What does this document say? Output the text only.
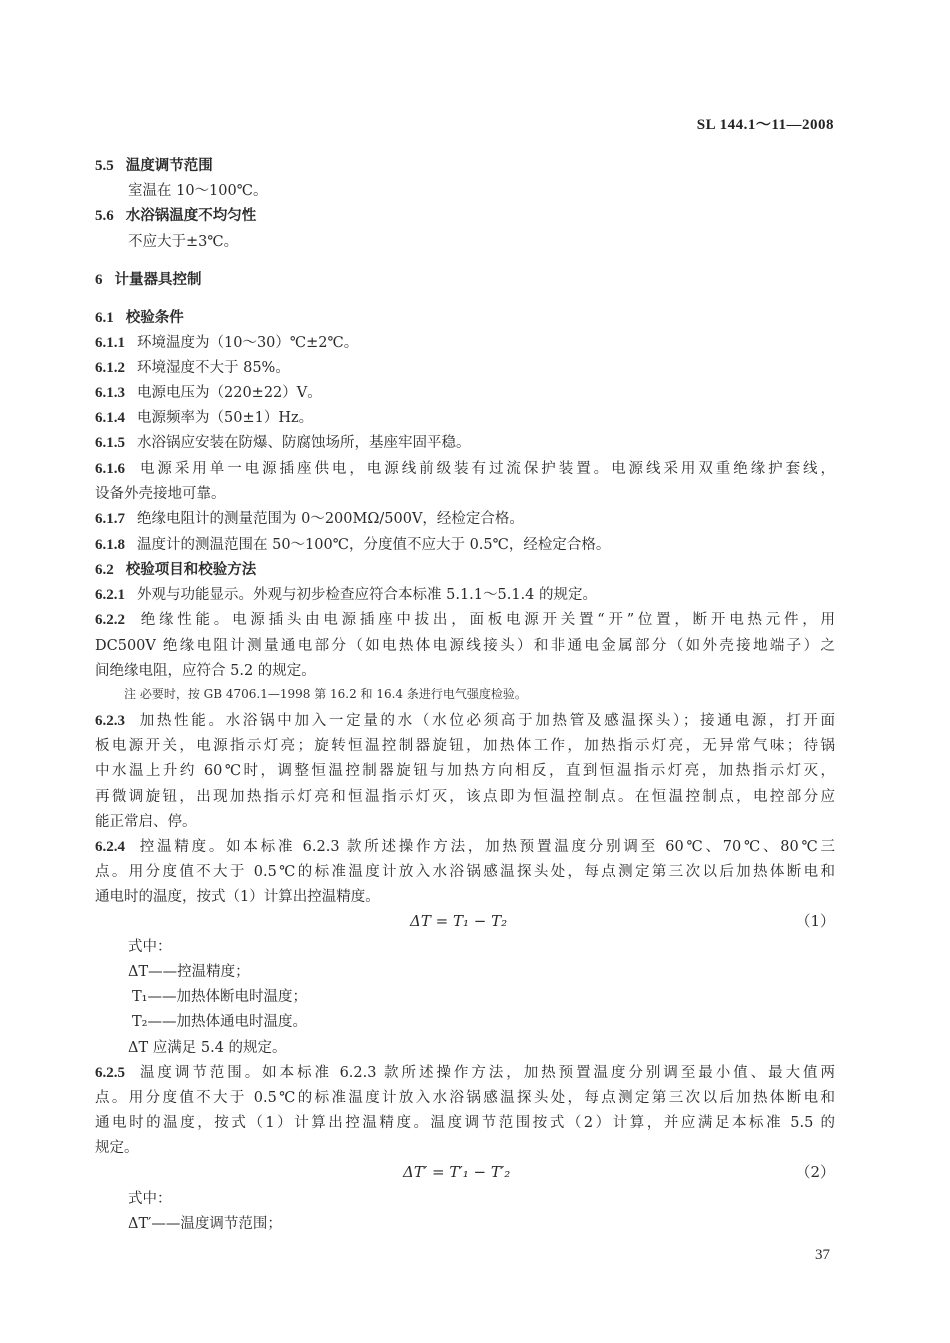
SL 144.1～11—2008
5.5 温度调节范围
室温在 10～100℃。
5.6 水浴锅温度不均匀性
不应大于±3℃。
6 计量器具控制
6.1 校验条件
6.1.1 环境温度为（10～30）℃±2℃。
6.1.2 环境湿度不大于 85%。
6.1.3 电源电压为（220±22）V。
6.1.4 电源频率为（50±1）Hz。
6.1.5 水浴锅应安装在防爆、防腐蚀场所，基座牢固平稳。
6.1.6 电源采用单一电源插座供电，电源线前级装有过流保护装置。电源线采用双重绝缘护套线，
设备外壳接地可靠。
6.1.7 绝缘电阻计的测量范围为 0～200MΩ/500V，经检定合格。
6.1.8 温度计的测温范围在 50～100℃，分度值不应大于 0.5℃，经检定合格。
6.2 校验项目和校验方法
6.2.1 外观与功能显示。外观与初步检查应符合本标准 5.1.1～5.1.4 的规定。
6.2.2 绝缘性能。电源插头由电源插座中拔出，面板电源开关置“开”位置，断开电热元件，用
DC500V 绝缘电阻计测量通电部分（如电热体电源线接头）和非通电金属部分（如外壳接地端子）之
间绝缘电阻，应符合 5.2 的规定。
注 必要时，按 GB 4706.1—1998 第 16.2 和 16.4 条进行电气强度检验。
6.2.3 加热性能。水浴锅中加入一定量的水（水位必须高于加热管及感温探头）；接通电源，打开面
板电源开关，电源指示灯亮；旋转恒温控制器旋钮，加热体工作，加热指示灯亮，无异常气味；待锅
中水温上升约 60℃时，调整恒温控制器旋钮与加热方向相反，直到恒温指示灯亮，加热指示灯灭，
再微调旋钮，出现加热指示灯亮和恒温指示灯灭，该点即为恒温控制点。在恒温控制点，电控部分应
能正常启、停。
6.2.4 控温精度。如本标准 6.2.3 款所述操作方法，加热预置温度分别调至 60℃、70℃、80℃三
点。用分度值不大于 0.5℃的标准温度计放入水浴锅感温探头处，每点测定第三次以后加热体断电和
通电时的温度，按式（1）计算出控温精度。
ΔT = T₁ − T₂	（1）
式中：
ΔT——控温精度；
T₁——加热体断电时温度；
T₂——加热体通电时温度。
ΔT 应满足 5.4 的规定。
6.2.5 温度调节范围。如本标准 6.2.3 款所述操作方法，加热预置温度分别调至最小值、最大值两
点。用分度值不大于 0.5℃的标准温度计放入水浴锅感温探头处，每点测定第三次以后加热体断电和
通电时的温度，按式（1）计算出控温精度。温度调节范围按式（2）计算，并应满足本标准 5.5 的
规定。
ΔT′ = T′₁ − T′₂	（2）
式中：
ΔT′——温度调节范围；
37
